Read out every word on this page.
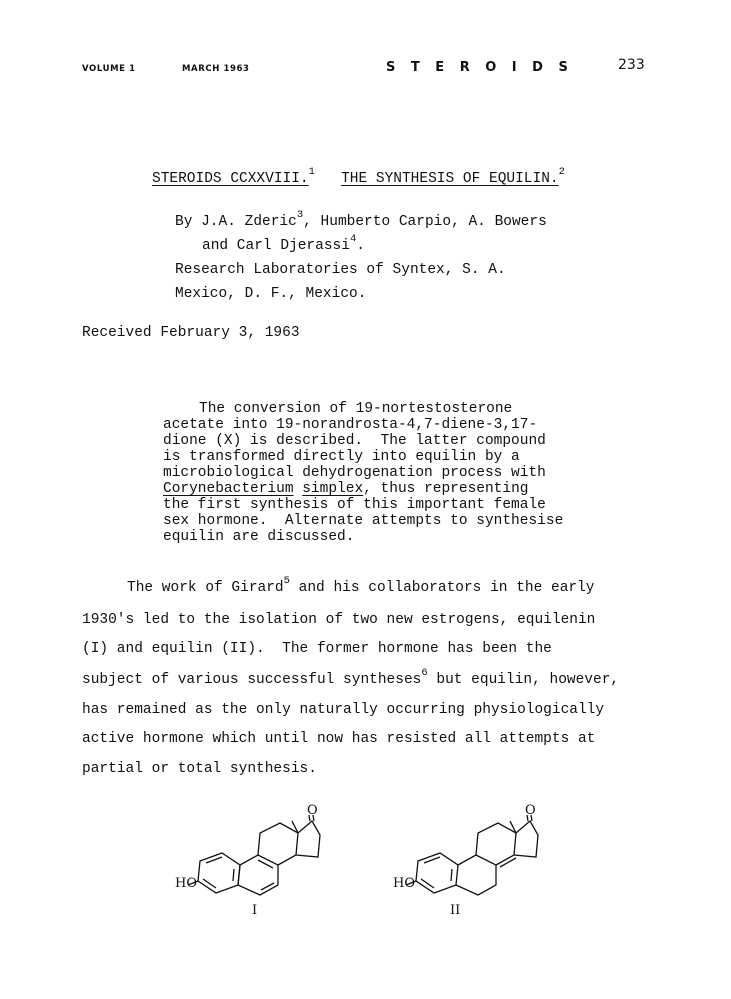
VOLUME 1	MARCH 1963	S T E R O I D S	233
STEROIDS CCXXVIII.$^1$ THE SYNTHESIS OF EQUILIN.$^2$
By J.A. Zderic$^3$, Humberto Carpio, A. Bowers
and Carl Djerassi$^4$.
Research Laboratories of Syntex, S. A.
Mexico, D. F., Mexico.
Received February 3, 1963
The conversion of 19-nortestosterone
acetate into 19-norandrosta-4,7-diene-3,17-
dione (X) is described.  The latter compound
is transformed directly into equilin by a
microbiological dehydrogenation process with
Corynebacterium simplex, thus representing
the first synthesis of this important female
sex hormone.  Alternate attempts to synthesise
equilin are discussed.
The work of Girard$^5$ and his collaborators in the early
1930's led to the isolation of two new estrogens, equilenin
(I) and equilin (II).  The former hormone has been the
subject of various successful syntheses$^6$ but equilin, however,
has remained as the only naturally occurring physiologically
active hormone which until now has resisted all attempts at
partial or total synthesis.
O
HO
I
O
HO
II
